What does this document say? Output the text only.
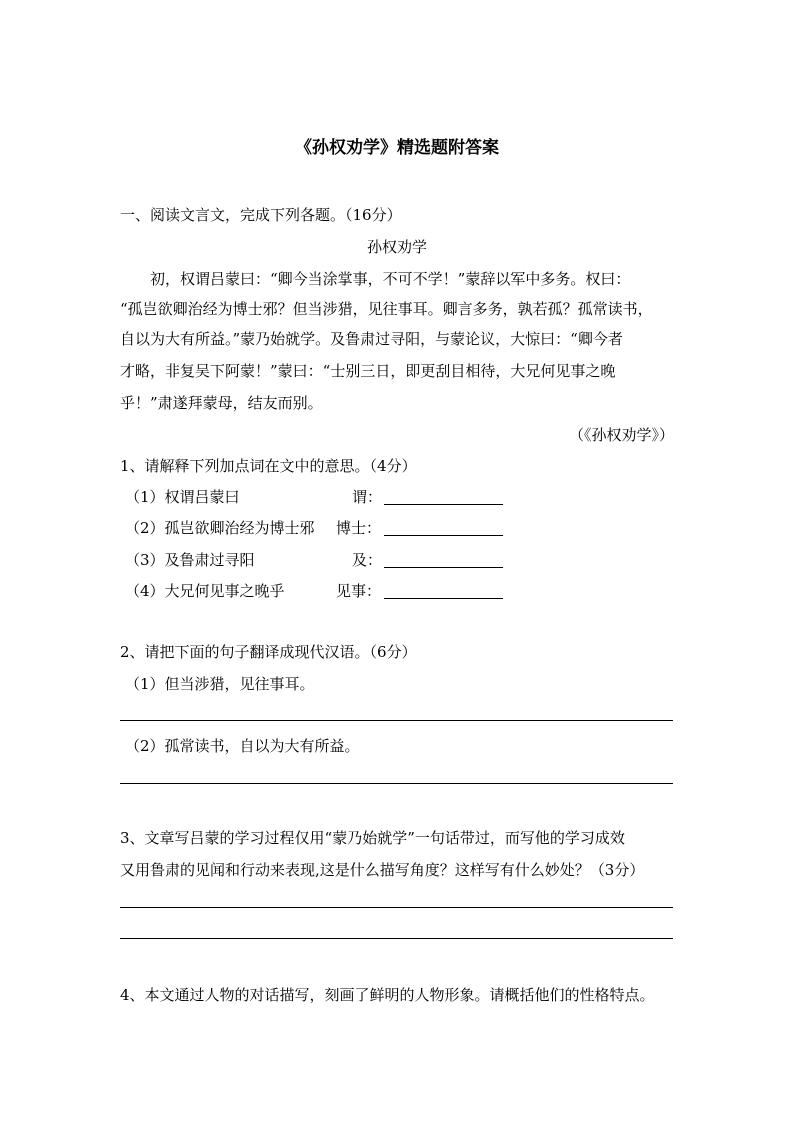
《孙权劝学》精选题附答案
一、阅读文言文，完成下列各题。（16分）
孙权劝学
初，权谓吕蒙曰：“卿今当涂掌事，不可不学！”蒙辞以军中多务。权曰：
“孤岂欲卿治经为博士邪？但当涉猎，见往事耳。卿言多务，孰若孤？孤常读书，
自以为大有所益。”蒙乃始就学。及鲁肃过寻阳，与蒙论议，大惊曰：“卿今者
才略，非复吴下阿蒙！”蒙曰：“士别三日，即更刮目相待，大兄何见事之晚
乎！”肃遂拜蒙母，结友而别。
（《孙权劝学》）
1、请解释下列加点词在文中的意思。（4分）
（1）权谓吕蒙曰	谓：
（2）孤岂欲卿治经为博士邪 博士：
（3）及鲁肃过寻阳	及：
（4）大兄何见事之晚乎	见事：
2、请把下面的句子翻译成现代汉语。（6分）
（1）但当涉猎，见往事耳。
（2）孤常读书，自以为大有所益。
3、文章写吕蒙的学习过程仅用“蒙乃始就学”一句话带过，而写他的学习成效
又用鲁肃的见闻和行动来表现,这是什么描写角度？这样写有什么妙处？（3分）
4、本文通过人物的对话描写，刻画了鲜明的人物形象。请概括他们的性格特点。
